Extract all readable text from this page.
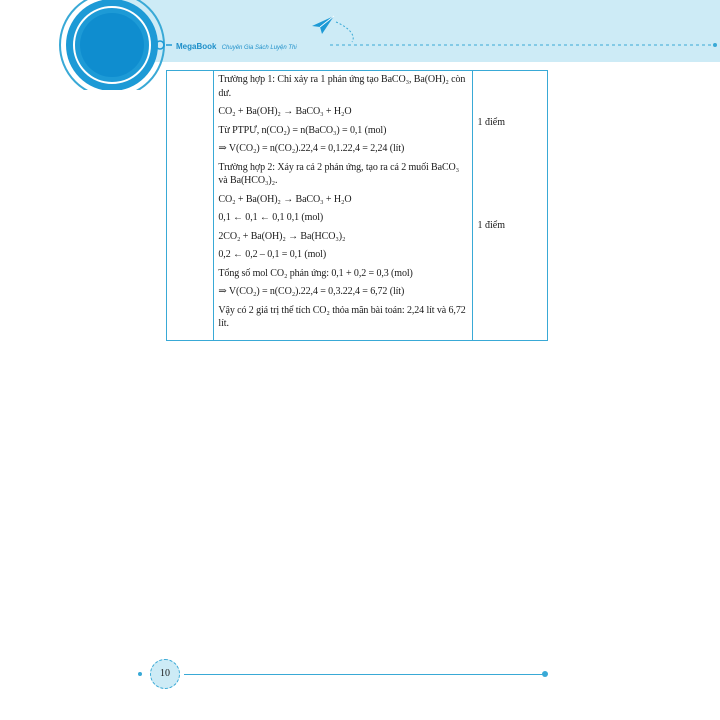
MegaBook Chuyên Gia Sách Luyện Thi

Trường hợp 1: Chỉ xảy ra 1 phản ứng tạo BaCO₃, Ba(OH)₂ còn dư.
CO₂ + Ba(OH)₂ → BaCO₃ + H₂O
Từ PTPƯ, n(CO₂) = n(BaCO₃) = 0,1 (mol)
⇒ V(CO₂) = n(CO₂).22,4 = 0,1.22,4 = 2,24 (lít)
Trường hợp 2: Xảy ra cả 2 phản ứng, tạo ra cả 2 muối BaCO₃ và Ba(HCO₃)₂.
CO₂ + Ba(OH)₂ → BaCO₃ + H₂O
0,1 ← 0,1 ← 0,1 0,1 (mol)
2CO₂ + Ba(OH)₂ → Ba(HCO₃)₂
0,2 ← 0,2 – 0,1 = 0,1 (mol)
Tổng số mol CO₂ phản ứng: 0,1 + 0,2 = 0,3 (mol)
⇒ V(CO₂) = n(CO₂).22,4 = 0,3.22,4 = 6,72 (lít)
Vậy có 2 giá trị thể tích CO₂ thỏa mãn bài toán: 2,24 lít và 6,72 lít.

1 điểm
1 điểm
10
